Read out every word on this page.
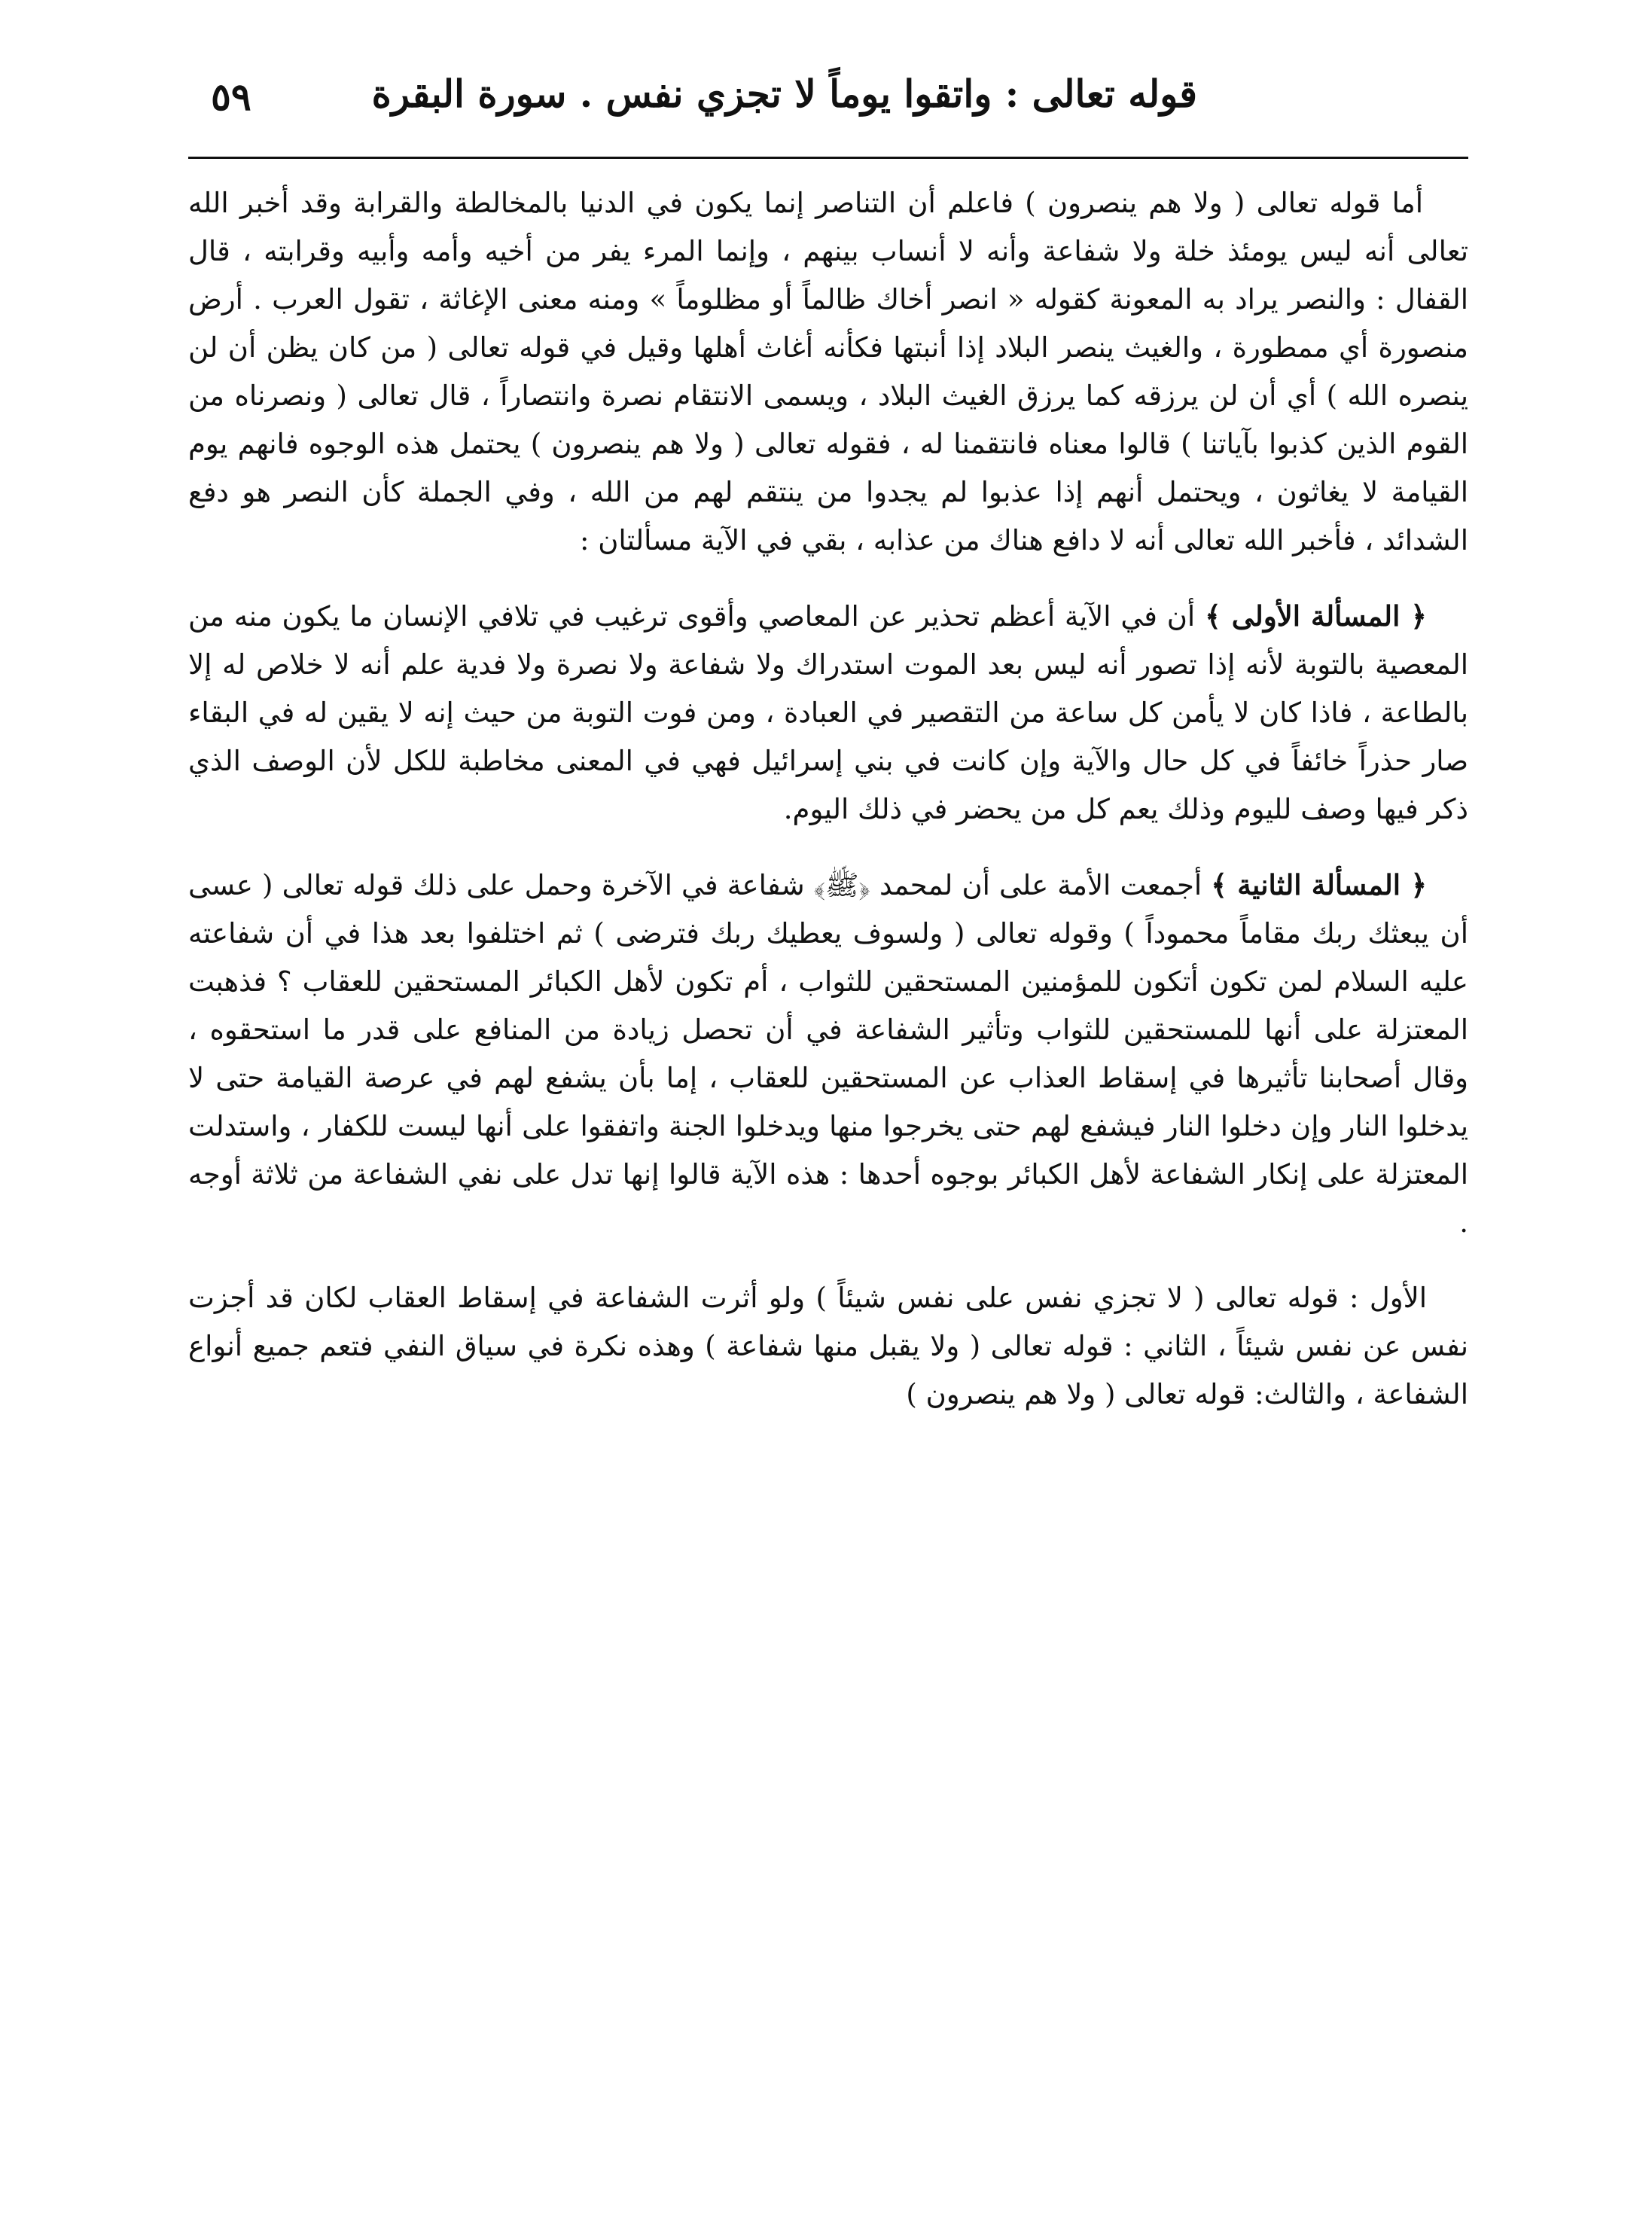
قوله تعالى : واتقوا يوماً لا تجزي نفس . سورة البقرة
٥٩

أما قوله تعالى ( ولا هم ينصرون ) فاعلم أن التناصر إنما يكون في الدنيا بالمخالطة والقرابة وقد أخبر الله تعالى أنه ليس يومئذ خلة ولا شفاعة وأنه لا أنساب بينهم ، وإنما المرء يفر من أخيه وأمه وأبيه وقرابته ، قال القفال : والنصر يراد به المعونة كقوله « انصر أخاك ظالماً أو مظلوماً » ومنه معنى الإغاثة ، تقول العرب . أرض منصورة أي ممطورة ، والغيث ينصر البلاد إذا أنبتها فكأنه أغاث أهلها وقيل في قوله تعالى ( من كان يظن أن لن ينصره الله ) أي أن لن يرزقه كما يرزق الغيث البلاد ، ويسمى الانتقام نصرة وانتصاراً ، قال تعالى ( ونصرناه من القوم الذين كذبوا بآياتنا ) قالوا معناه فانتقمنا له ، فقوله تعالى ( ولا هم ينصرون ) يحتمل هذه الوجوه فانهم يوم القيامة لا يغاثون ، ويحتمل أنهم إذا عذبوا لم يجدوا من ينتقم لهم من الله ، وفي الجملة كأن النصر هو دفع الشدائد ، فأخبر الله تعالى أنه لا دافع هناك من عذابه ، بقي في الآية مسألتان :

﴿ المسألة الأولى ﴾ أن في الآية أعظم تحذير عن المعاصي وأقوى ترغيب في تلافي الإنسان ما يكون منه من المعصية بالتوبة لأنه إذا تصور أنه ليس بعد الموت استدراك ولا شفاعة ولا نصرة ولا فدية علم أنه لا خلاص له إلا بالطاعة ، فاذا كان لا يأمن كل ساعة من التقصير في العبادة ، ومن فوت التوبة من حيث إنه لا يقين له في البقاء صار حذراً خائفاً في كل حال والآية وإن كانت في بني إسرائيل فهي في المعنى مخاطبة للكل لأن الوصف الذي ذكر فيها وصف لليوم وذلك يعم كل من يحضر في ذلك اليوم.

﴿ المسألة الثانية ﴾ أجمعت الأمة على أن لمحمد ﴿ﷺ﴾ شفاعة في الآخرة وحمل على ذلك قوله تعالى ( عسى أن يبعثك ربك مقاماً محموداً ) وقوله تعالى ( ولسوف يعطيك ربك فترضى ) ثم اختلفوا بعد هذا في أن شفاعته عليه السلام لمن تكون أتكون للمؤمنين المستحقين للثواب ، أم تكون لأهل الكبائر المستحقين للعقاب ؟ فذهبت المعتزلة على أنها للمستحقين للثواب وتأثير الشفاعة في أن تحصل زيادة من المنافع على قدر ما استحقوه ، وقال أصحابنا تأثيرها في إسقاط العذاب عن المستحقين للعقاب ، إما بأن يشفع لهم في عرصة القيامة حتى لا يدخلوا النار وإن دخلوا النار فيشفع لهم حتى يخرجوا منها ويدخلوا الجنة واتفقوا على أنها ليست للكفار ، واستدلت المعتزلة على إنكار الشفاعة لأهل الكبائر بوجوه أحدها : هذه الآية قالوا إنها تدل على نفي الشفاعة من ثلاثة أوجه .

الأول : قوله تعالى ( لا تجزي نفس على نفس شيئاً ) ولو أثرت الشفاعة في إسقاط العقاب لكان قد أجزت نفس عن نفس شيئاً ، الثاني : قوله تعالى ( ولا يقبل منها شفاعة ) وهذه نكرة في سياق النفي فتعم جميع أنواع الشفاعة ، والثالث: قوله تعالى ( ولا هم ينصرون )
